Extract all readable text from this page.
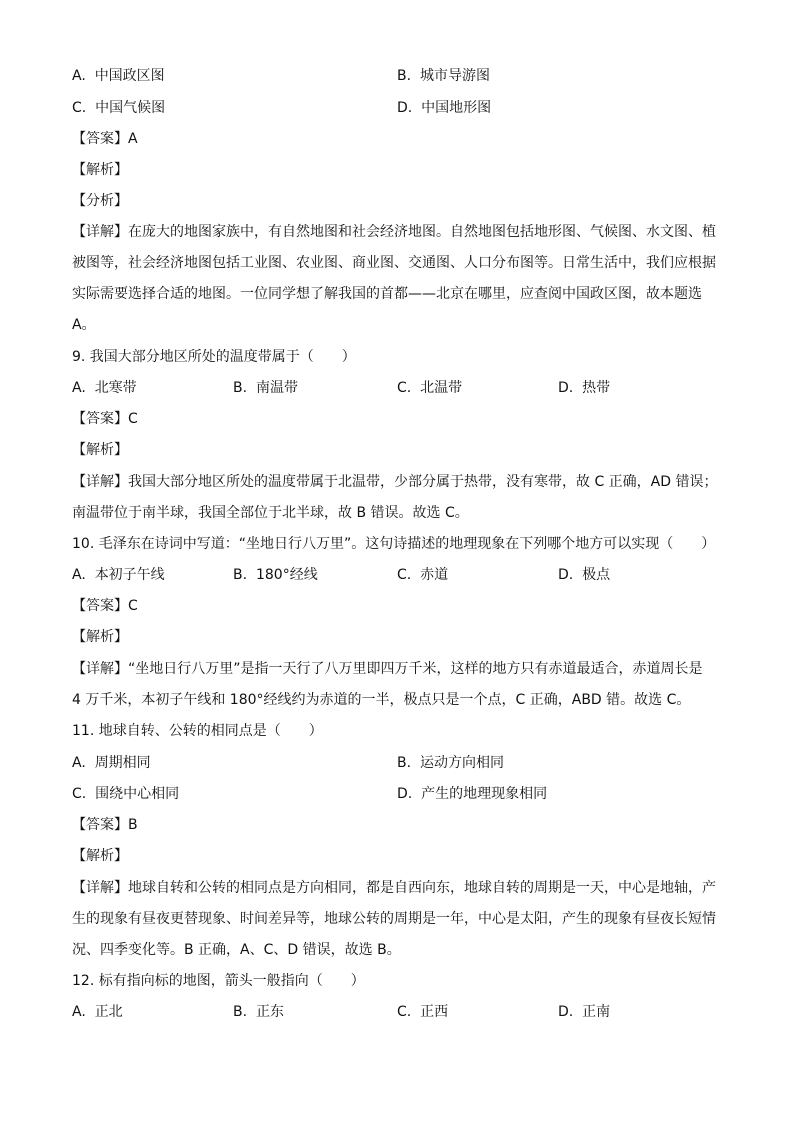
A. 中国政区图	B. 城市导游图
C. 中国气候图	D. 中国地形图
【答案】A
【解析】
【分析】
【详解】在庞大的地图家族中，有自然地图和社会经济地图。自然地图包括地形图、气候图、水文图、植
被图等，社会经济地图包括工业图、农业图、商业图、交通图、人口分布图等。日常生活中，我们应根据
实际需要选择合适的地图。一位同学想了解我国的首都——北京在哪里，应查阅中国政区图，故本题选
A。
9. 我国大部分地区所处的温度带属于（　　）
A. 北寒带	B. 南温带	C. 北温带	D. 热带
【答案】C
【解析】
【详解】我国大部分地区所处的温度带属于北温带，少部分属于热带，没有寒带，故 C 正确，AD 错误；
南温带位于南半球，我国全部位于北半球，故 B 错误。故选 C。
10. 毛泽东在诗词中写道：“坐地日行八万里”。这句诗描述的地理现象在下列哪个地方可以实现（　　）
A. 本初子午线	B. 180°经线	C. 赤道	D. 极点
【答案】C
【解析】
【详解】“坐地日行八万里”是指一天行了八万里即四万千米，这样的地方只有赤道最适合，赤道周长是
4 万千米，本初子午线和 180°经线约为赤道的一半，极点只是一个点，C 正确，ABD 错。故选 C。
11. 地球自转、公转的相同点是（　　）
A. 周期相同	B. 运动方向相同
C. 围绕中心相同	D. 产生的地理现象相同
【答案】B
【解析】
【详解】地球自转和公转的相同点是方向相同，都是自西向东，地球自转的周期是一天，中心是地轴，产
生的现象有昼夜更替现象、时间差异等，地球公转的周期是一年，中心是太阳，产生的现象有昼夜长短情
况、四季变化等。B 正确，A、C、D 错误，故选 B。
12. 标有指向标的地图，箭头一般指向（　　）
A. 正北	B. 正东	C. 正西	D. 正南
